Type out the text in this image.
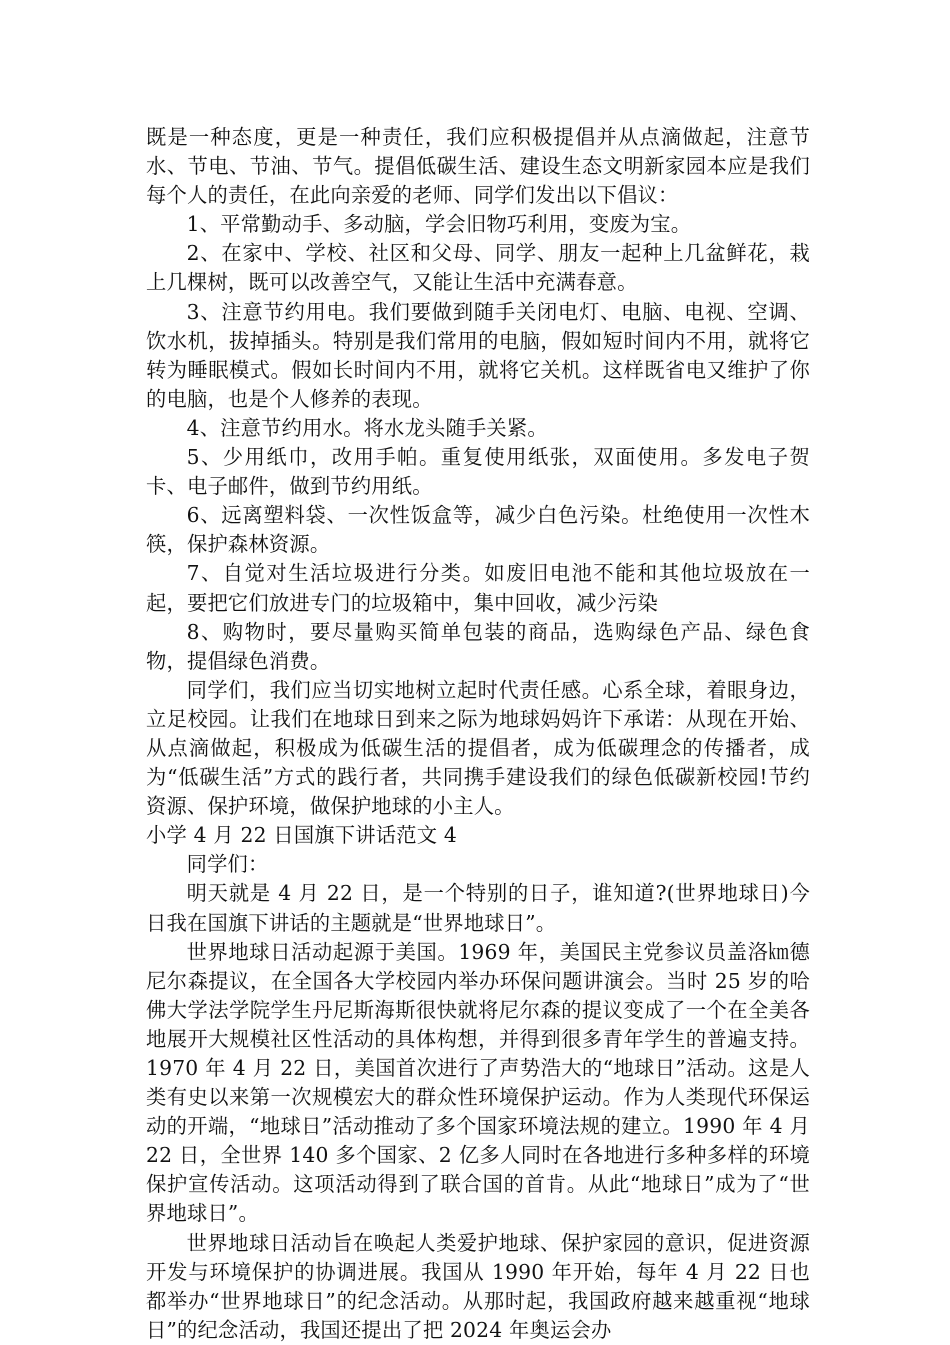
既是一种态度，更是一种责任，我们应积极提倡并从点滴做起，注意节水、节电、节油、节气。提倡低碳生活、建设生态文明新家园本应是我们每个人的责任，在此向亲爱的老师、同学们发出以下倡议：

1、平常勤动手、多动脑，学会旧物巧利用，变废为宝。

2、在家中、学校、社区和父母、同学、朋友一起种上几盆鲜花，栽上几棵树，既可以改善空气，又能让生活中充满春意。

3、注意节约用电。我们要做到随手关闭电灯、电脑、电视、空调、饮水机，拔掉插头。特别是我们常用的电脑，假如短时间内不用，就将它转为睡眠模式。假如长时间内不用，就将它关机。这样既省电又维护了你的电脑，也是个人修养的表现。

4、注意节约用水。将水龙头随手关紧。

5、少用纸巾，改用手帕。重复使用纸张，双面使用。多发电子贺卡、电子邮件，做到节约用纸。

6、远离塑料袋、一次性饭盒等，减少白色污染。杜绝使用一次性木筷，保护森林资源。

7、自觉对生活垃圾进行分类。如废旧电池不能和其他垃圾放在一起，要把它们放进专门的垃圾箱中，集中回收，减少污染

8、购物时，要尽量购买简单包装的商品，选购绿色产品、绿色食物，提倡绿色消费。

同学们，我们应当切实地树立起时代责任感。心系全球，着眼身边，立足校园。让我们在地球日到来之际为地球妈妈许下承诺：从现在开始、从点滴做起，积极成为低碳生活的提倡者，成为低碳理念的传播者，成为“低碳生活”方式的践行者，共同携手建设我们的绿色低碳新校园!节约资源、保护环境，做保护地球的小主人。

小学 4 月 22 日国旗下讲话范文 4

同学们：

明天就是 4 月 22 日，是一个特别的日子，谁知道?(世界地球日)今日我在国旗下讲话的主题就是“世界地球日”。

世界地球日活动起源于美国。1969 年，美国民主党参议员盖洛㎞德尼尔森提议，在全国各大学校园内举办环保问题讲演会。当时 25 岁的哈佛大学法学院学生丹尼斯海斯很快就将尼尔森的提议变成了一个在全美各地展开大规模社区性活动的具体构想，并得到很多青年学生的普遍支持。1970 年 4 月 22 日，美国首次进行了声势浩大的“地球日”活动。这是人类有史以来第一次规模宏大的群众性环境保护运动。作为人类现代环保运动的开端，“地球日”活动推动了多个国家环境法规的建立。1990 年 4 月 22 日，全世界 140 多个国家、2 亿多人同时在各地进行多种多样的环境保护宣传活动。这项活动得到了联合国的首肯。从此“地球日”成为了“世界地球日”。

世界地球日活动旨在唤起人类爱护地球、保护家园的意识，促进资源开发与环境保护的协调进展。我国从 1990 年开始，每年 4 月 22 日也都举办“世界地球日”的纪念活动。从那时起，我国政府越来越重视“地球日”的纪念活动，我国还提出了把 2024 年奥运会办
